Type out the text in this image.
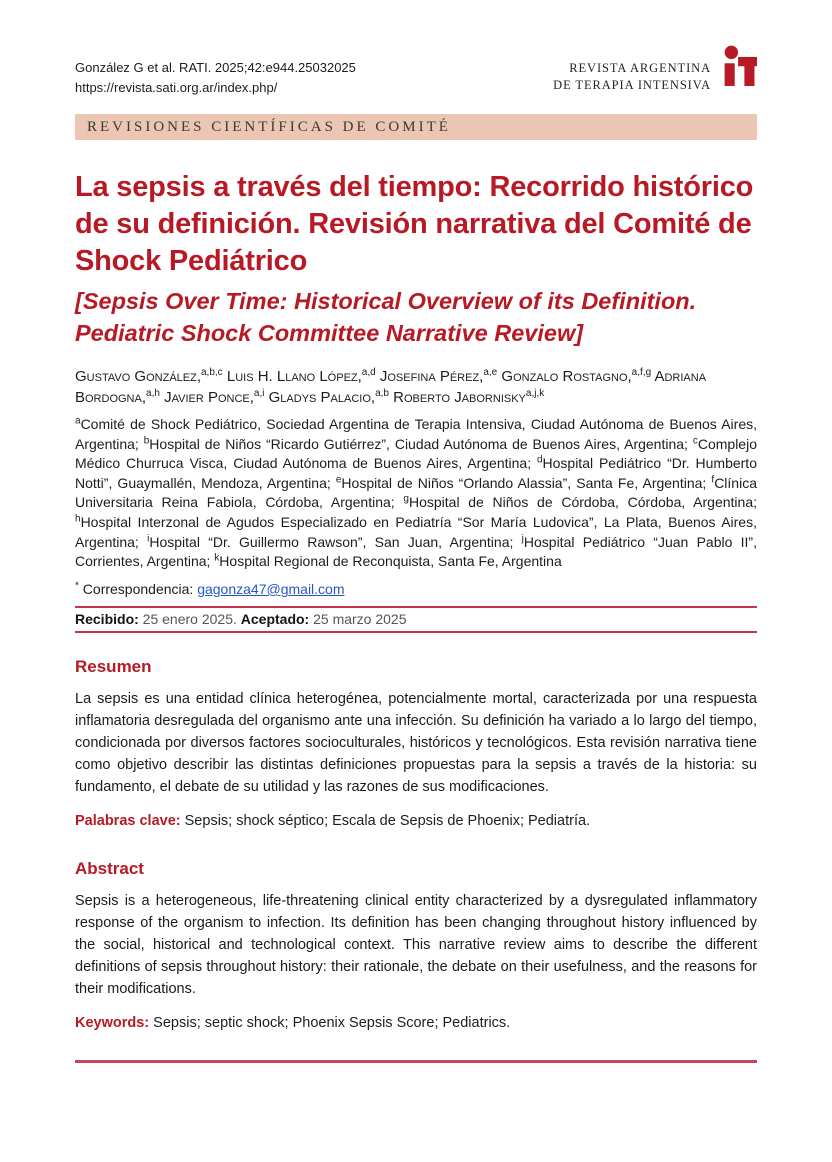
González G et al. RATI. 2025;42:e944.25032025
https://revista.sati.org.ar/index.php/
REVISTA ARGENTINA
DE TERAPIA INTENSIVA
REVISIONES CIENTÍFICAS DE COMITÉ
La sepsis a través del tiempo: Recorrido histórico de su definición. Revisión narrativa del Comité de Shock Pediátrico
[Sepsis Over Time: Historical Overview of its Definition. Pediatric Shock Committee Narrative Review]

Gustavo González,$^{a,b,c}$ Luis H. Llano López,$^{a,d}$ Josefina Pérez,$^{a,e}$ Gonzalo Rostagno,$^{a,f,g}$ Adriana Bordogna,$^{a,h}$ Javier Ponce,$^{a,i}$ Gladys Palacio,$^{a,b}$ Roberto Jabornisky$^{a,j,k}$

$^a$Comité de Shock Pediátrico, Sociedad Argentina de Terapia Intensiva, Ciudad Autónoma de Buenos Aires, Argentina; $^b$Hospital de Niños “Ricardo Gutiérrez”, Ciudad Autónoma de Buenos Aires, Argentina; $^c$Complejo Médico Churruca Visca, Ciudad Autónoma de Buenos Aires, Argentina; $^d$Hospital Pediátrico “Dr. Humberto Notti”, Guaymallén, Mendoza, Argentina; $^e$Hospital de Niños “Orlando Alassia”, Santa Fe, Argentina; $^f$Clínica Universitaria Reina Fabiola, Córdoba, Argentina; $^g$Hospital de Niños de Córdoba, Córdoba, Argentina; $^h$Hospital Interzonal de Agudos Especializado en Pediatría “Sor María Ludovica”, La Plata, Buenos Aires, Argentina; $^i$Hospital “Dr. Guillermo Rawson”, San Juan, Argentina; $^j$Hospital Pediátrico “Juan Pablo II”, Corrientes, Argentina; $^k$Hospital Regional de Reconquista, Santa Fe, Argentina

* Correspondencia: gagonza47@gmail.com

Recibido: 25 enero 2025. Aceptado: 25 marzo 2025
Resumen

La sepsis es una entidad clínica heterogénea, potencialmente mortal, caracterizada por una respuesta inflamatoria desregulada del organismo ante una infección. Su definición ha variado a lo largo del tiempo, condicionada por diversos factores socioculturales, históricos y tecnológicos. Esta revisión narrativa tiene como objetivo describir las distintas definiciones propuestas para la sepsis a través de la historia: su fundamento, el debate de su utilidad y las razones de sus modificaciones.

Palabras clave: Sepsis; shock séptico; Escala de Sepsis de Phoenix; Pediatría.

Abstract

Sepsis is a heterogeneous, life-threatening clinical entity characterized by a dysregulated inflammatory response of the organism to infection. Its definition has been changing throughout history influenced by the social, historical and technological context. This narrative review aims to describe the different definitions of sepsis throughout history: their rationale, the debate on their usefulness, and the reasons for their modifications.

Keywords: Sepsis; septic shock; Phoenix Sepsis Score; Pediatrics.
